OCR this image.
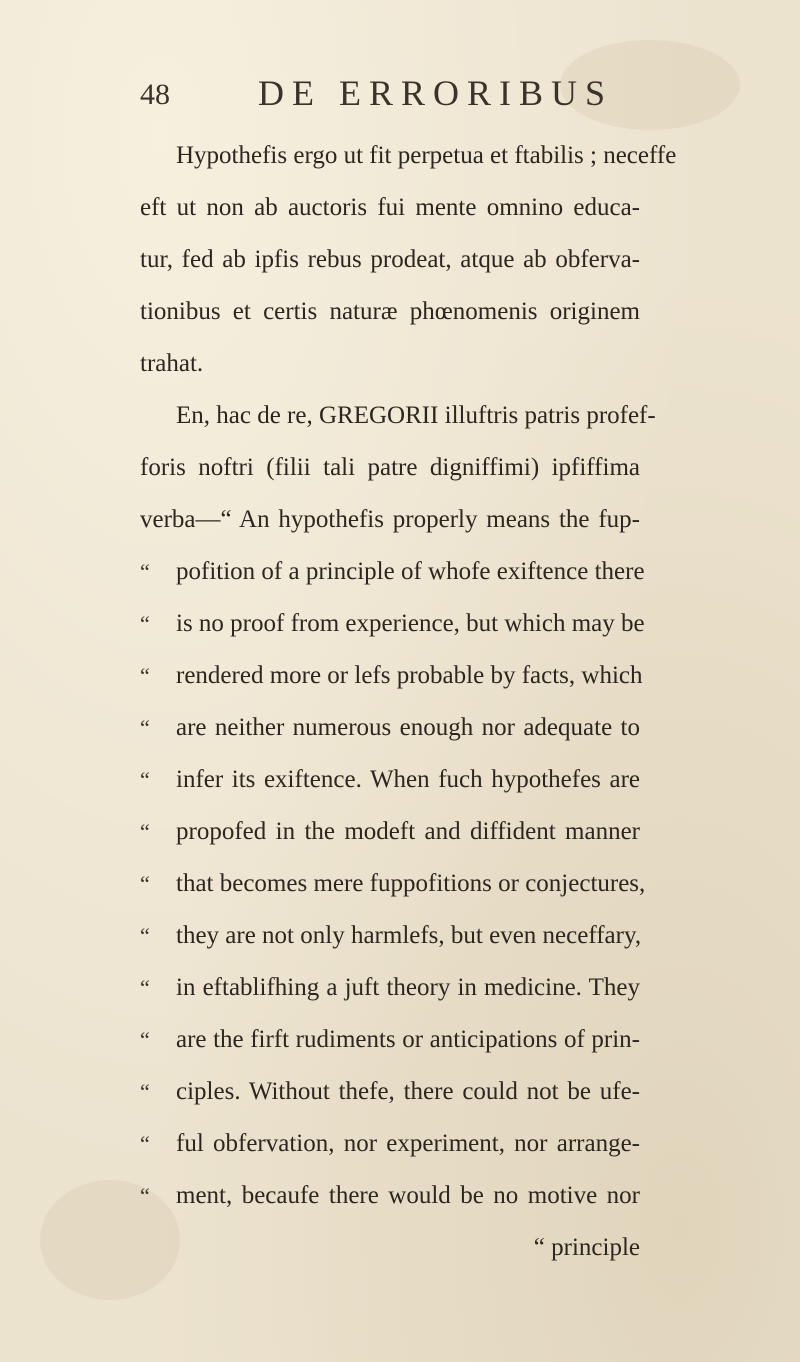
48 DE ERRORIBUS
Hypothefis ergo ut fit perpetua et ftabilis ; neceffe
eft ut non ab auctoris fui mente omnino educa-
tur, fed ab ipfis rebus prodeat, atque ab obferva-
tionibus et certis naturæ phœnomenis originem
trahat.
En, hac de re, GREGORII illuftris patris profef-
foris noftri (filii tali patre digniffimi) ipfiffima
verba—“ An hypothefis properly means the fup-
“	pofition of a principle of whofe exiftence there
“	is no proof from experience, but which may be
“	rendered more or lefs probable by facts, which
“	are neither numerous enough nor adequate to
“	infer its exiftence. When fuch hypothefes are
“	propofed in the modeft and diffident manner
“	that becomes mere fuppofitions or conjectures,
“	they are not only harmlefs, but even neceffary,
“	in eftablifhing a juft theory in medicine. They
“	are the firft rudiments or anticipations of prin-
“	ciples. Without thefe, there could not be ufe-
“	ful obfervation, nor experiment, nor arrange-
“	ment, becaufe there would be no motive nor
“ principle
